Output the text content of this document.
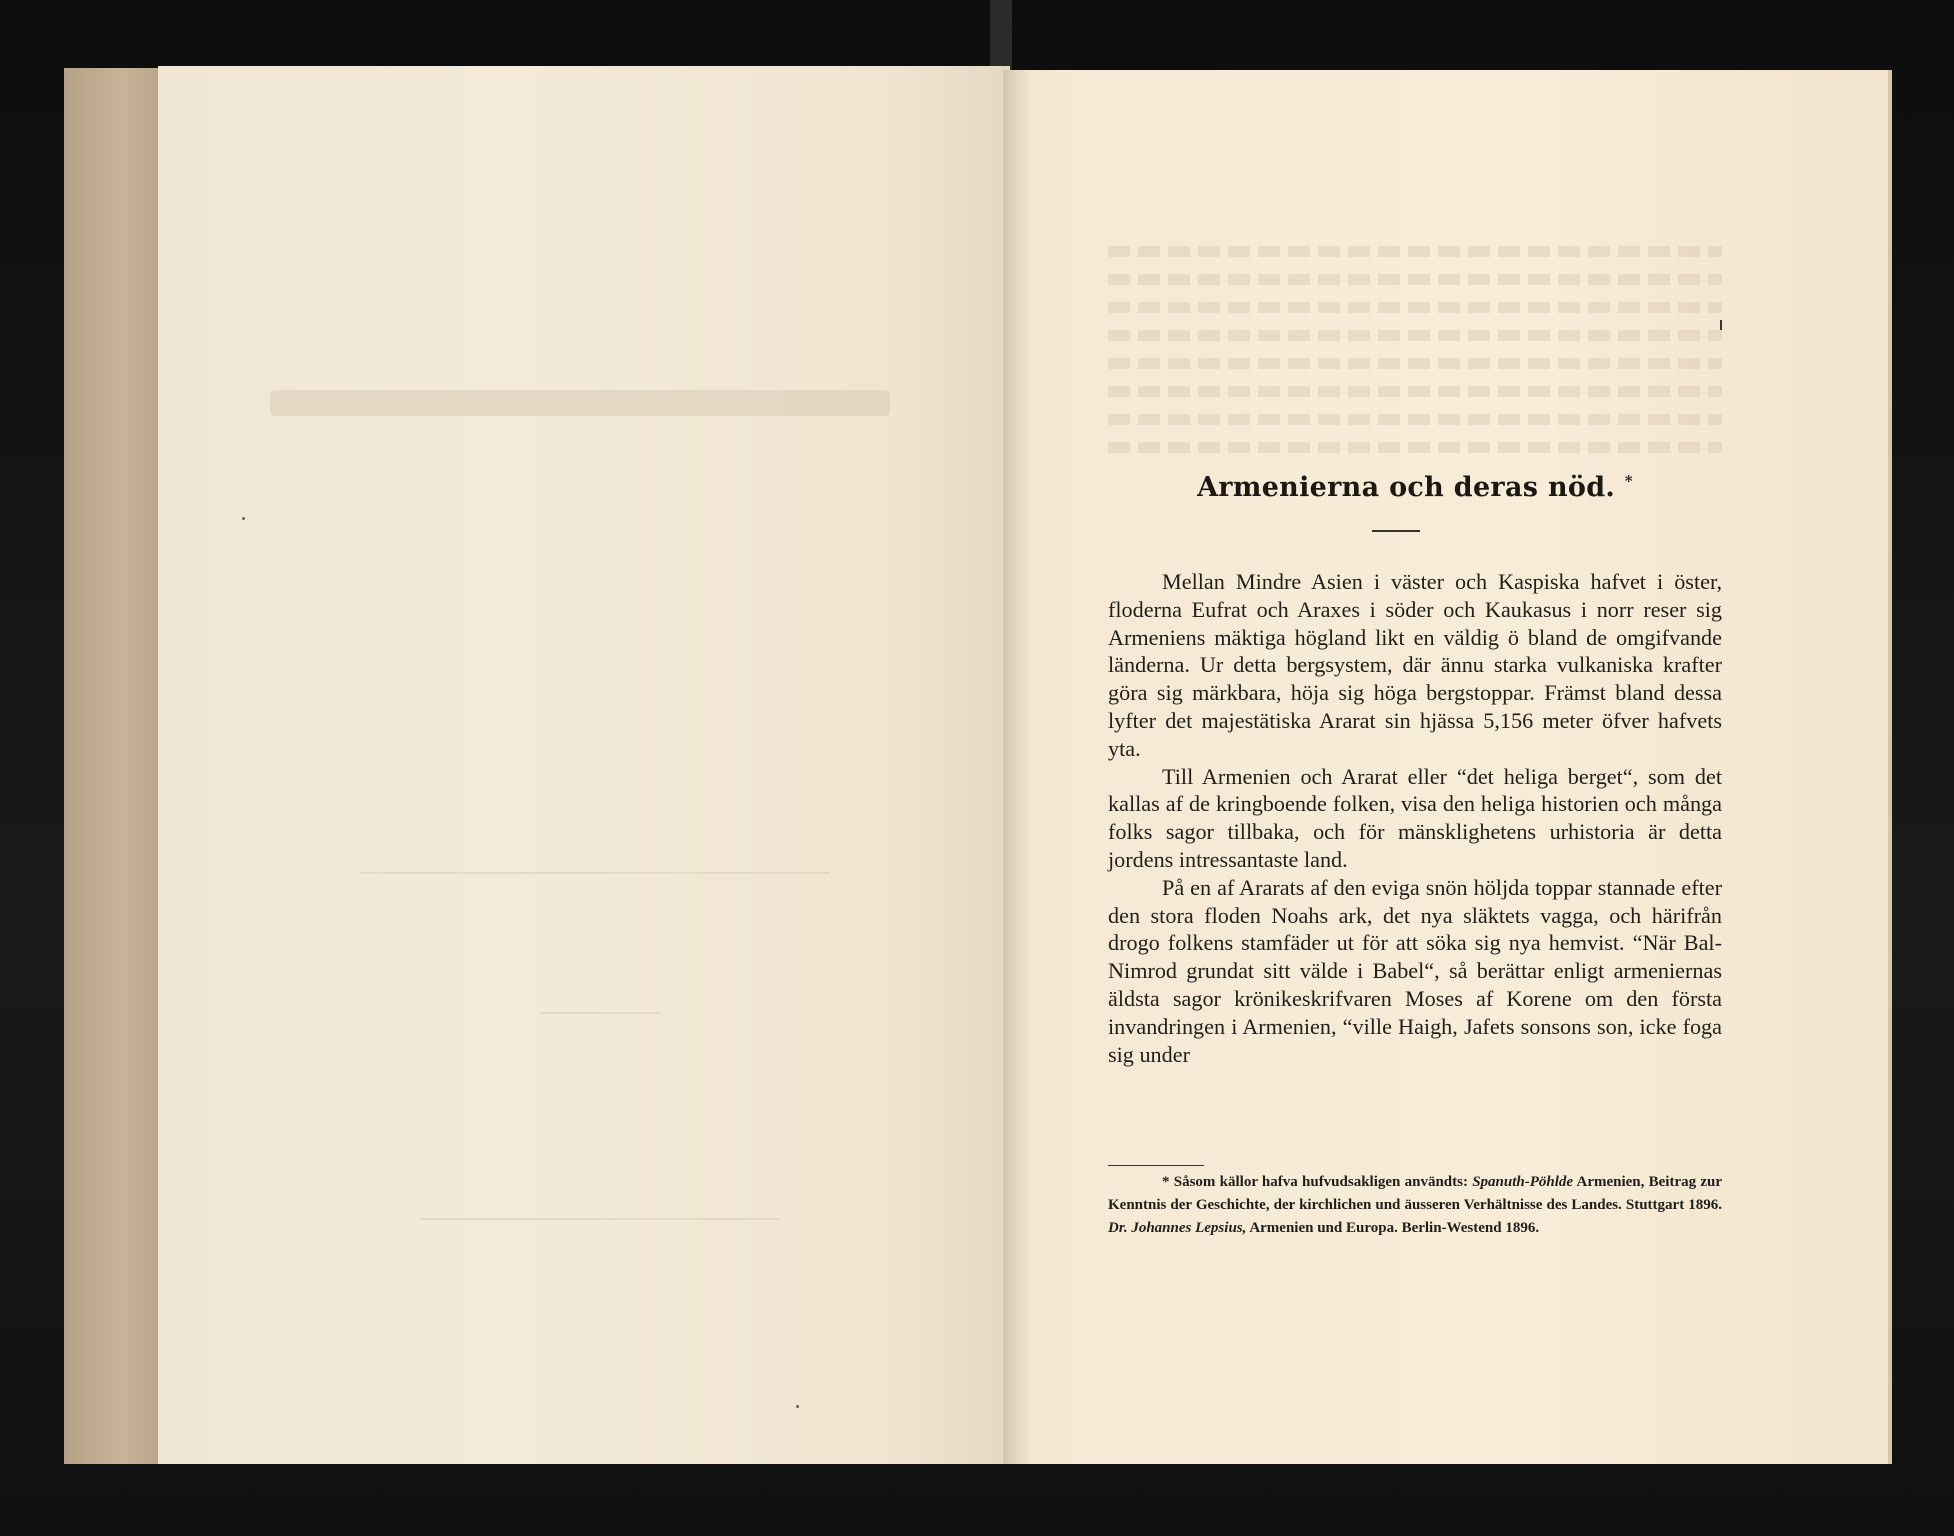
Armenierna och deras nöd. *

Mellan Mindre Asien i väster och Kaspiska hafvet i öster, floderna Eufrat och Araxes i söder och Kaukasus i norr reser sig Armeniens mäktiga högland likt en väldig ö bland de omgifvande länderna. Ur detta bergsystem, där ännu starka vulkaniska krafter göra sig märkbara, höja sig höga bergstoppar. Främst bland dessa lyfter det majestätiska Ararat sin hjässa 5,156 meter öfver hafvets yta.

Till Armenien och Ararat eller “det heliga berget“, som det kallas af de kringboende folken, visa den heliga historien och många folks sagor tillbaka, och för mänsklighetens urhistoria är detta jordens intressantaste land.

På en af Ararats af den eviga snön höljda toppar stannade efter den stora floden Noahs ark, det nya släktets vagga, och härifrån drogo folkens stamfäder ut för att söka sig nya hemvist. “När BalNimrod grundat sitt välde i Babel“, så berättar enligt armeniernas äldsta sagor krönikeskrifvaren Moses af Korene om den första invandringen i Armenien, “ville Haigh, Jafets sonsons son, icke foga sig under

* Såsom källor hafva hufvudsakligen användts: Spanuth-Pöhlde Armenien, Beitrag zur Kenntnis der Geschichte, der kirchlichen und äusseren Verhältnisse des Landes. Stuttgart 1896. Dr. Johannes Lepsius, Armenien und Europa. Berlin-Westend 1896.
